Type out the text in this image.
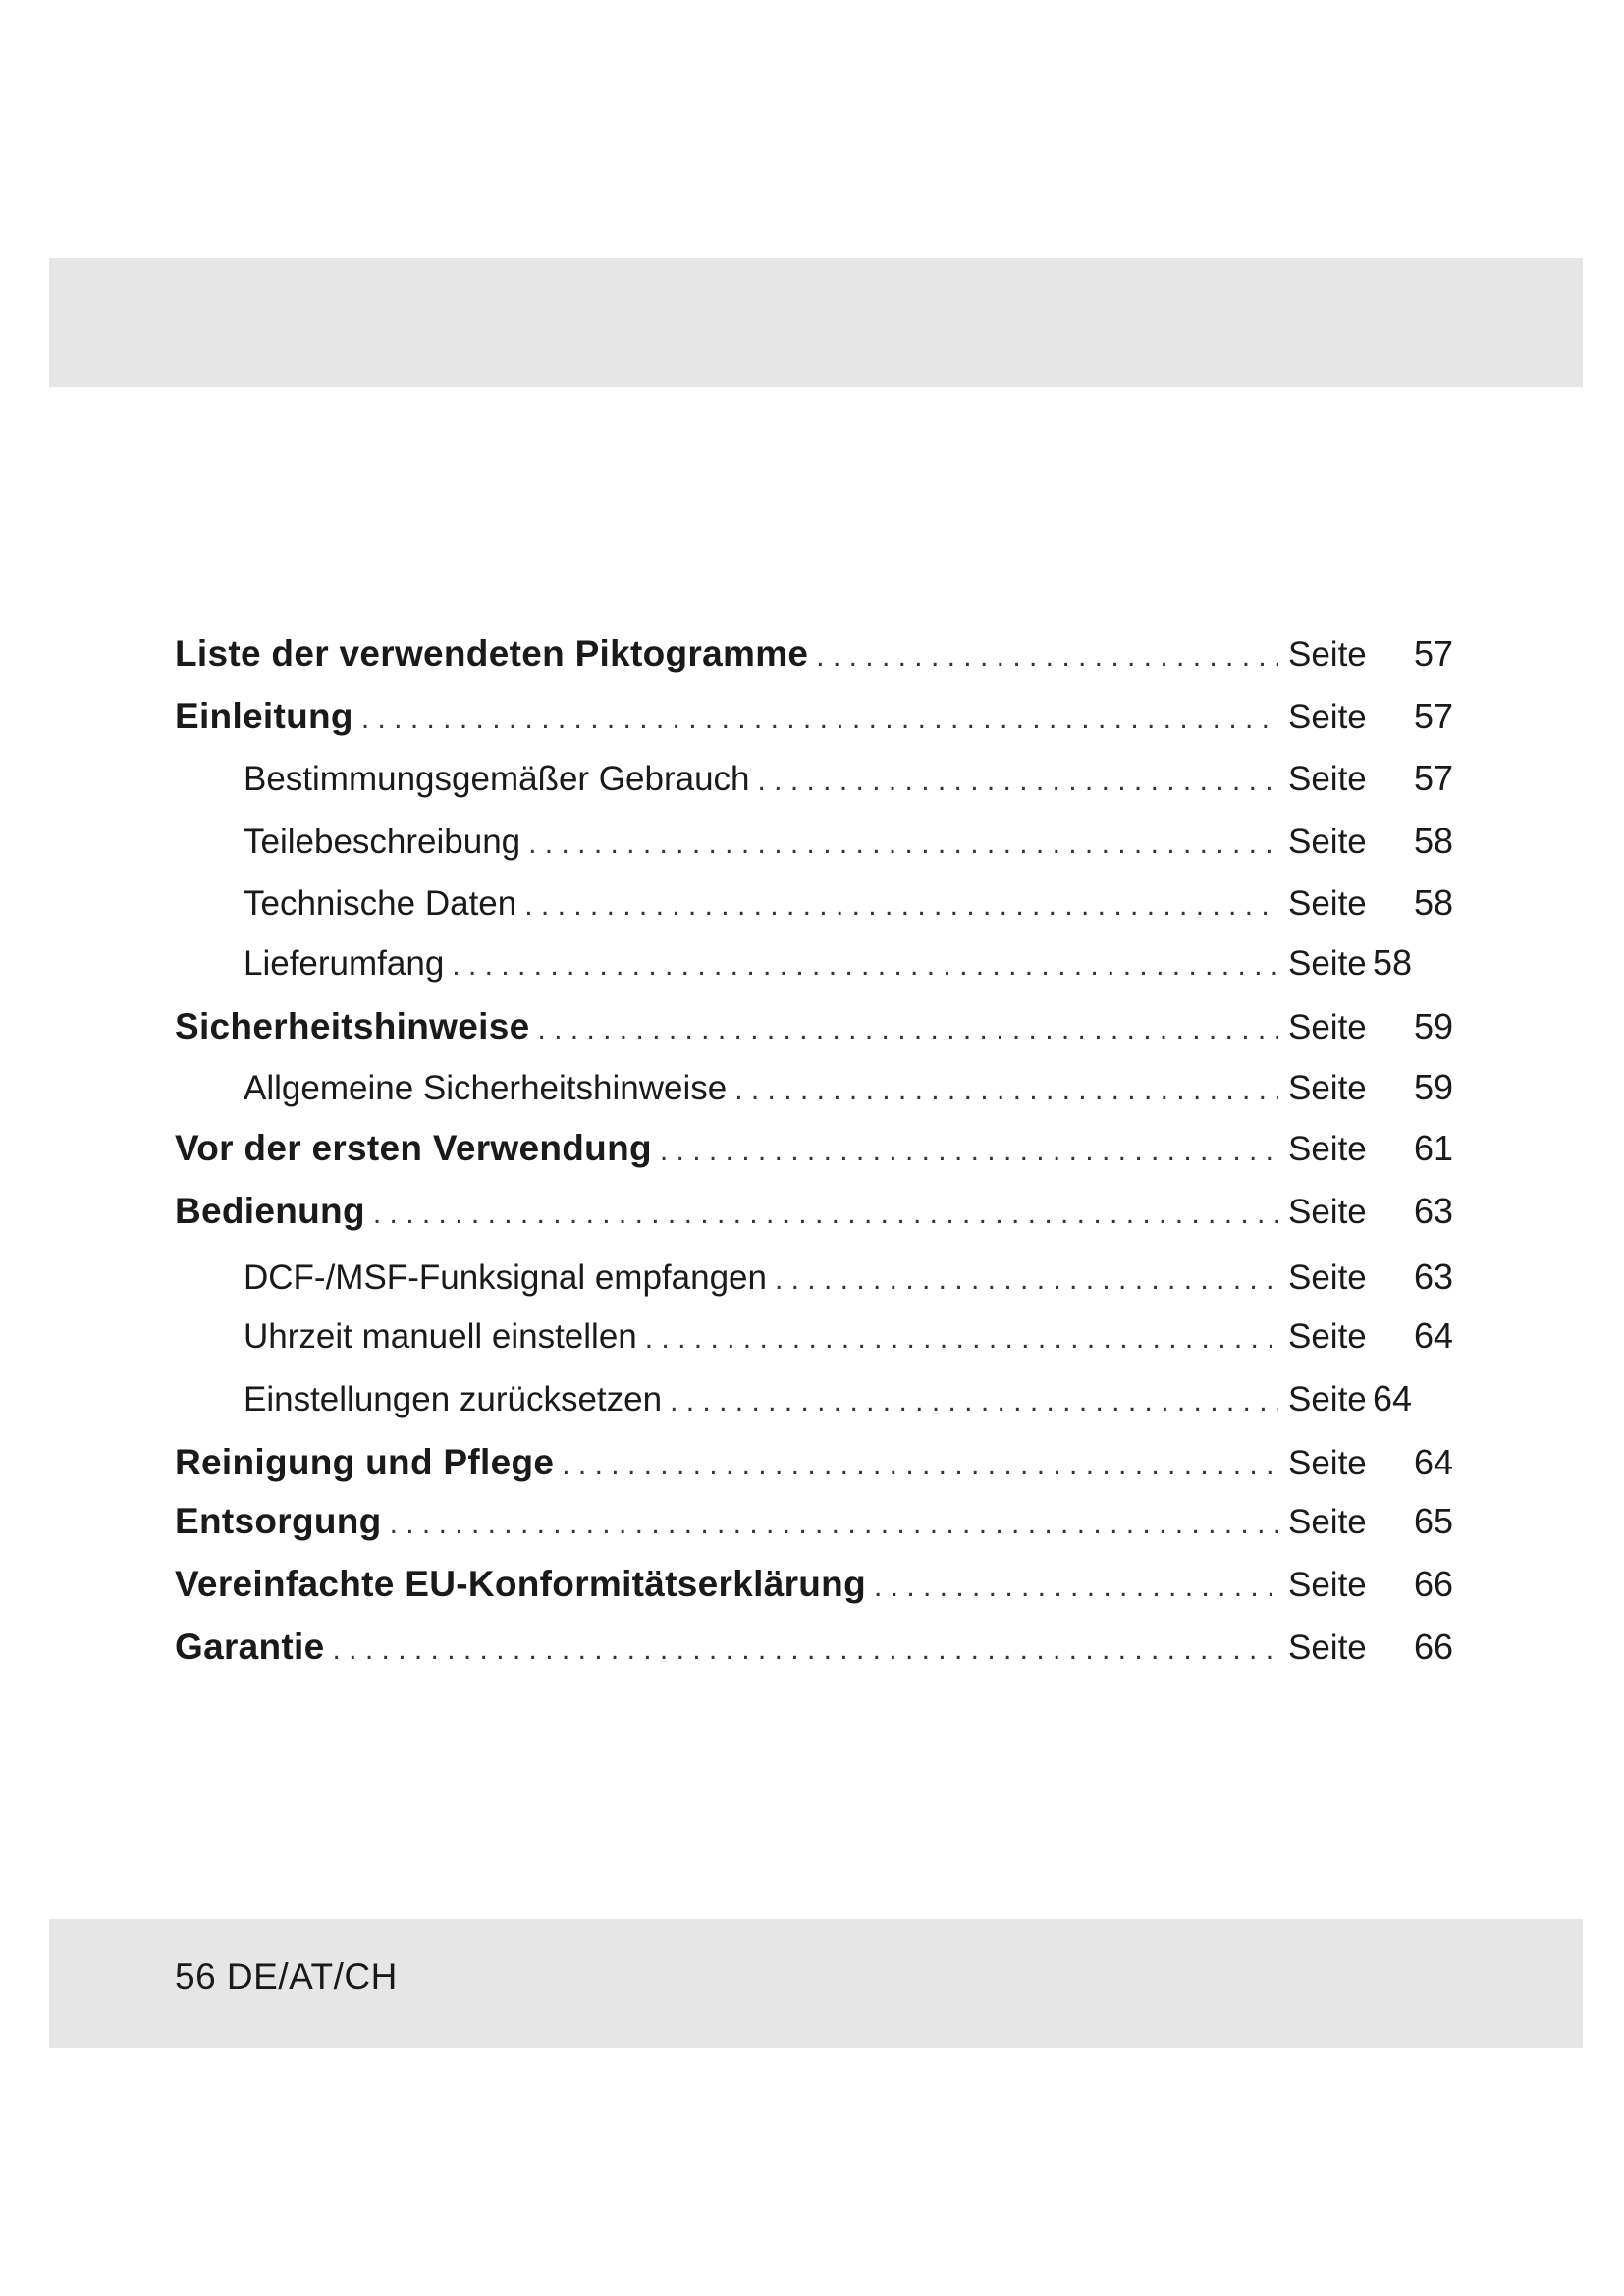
Liste der verwendeten Piktogramme . . .	Seite	57
Einleitung . . .	Seite	57
Bestimmungsgemäßer Gebrauch . . .	Seite	57
Teilebeschreibung . . .	Seite	58
Technische Daten . . .	Seite	58
Lieferumfang . . .	Seite 58
Sicherheitshinweise . . .	Seite	59
Allgemeine Sicherheitshinweise . . .	Seite	59
Vor der ersten Verwendung . . .	Seite	61
Bedienung . . .	Seite	63
DCF-/MSF-Funksignal empfangen . . .	Seite	63
Uhrzeit manuell einstellen . . .	Seite	64
Einstellungen zurücksetzen . . .	Seite 64
Reinigung und Pflege . . .	Seite	64
Entsorgung . . .	Seite	65
Vereinfachte EU-Konformitätserklärung . . .	Seite	66
Garantie . . .	Seite	66
56 DE/AT/CH
